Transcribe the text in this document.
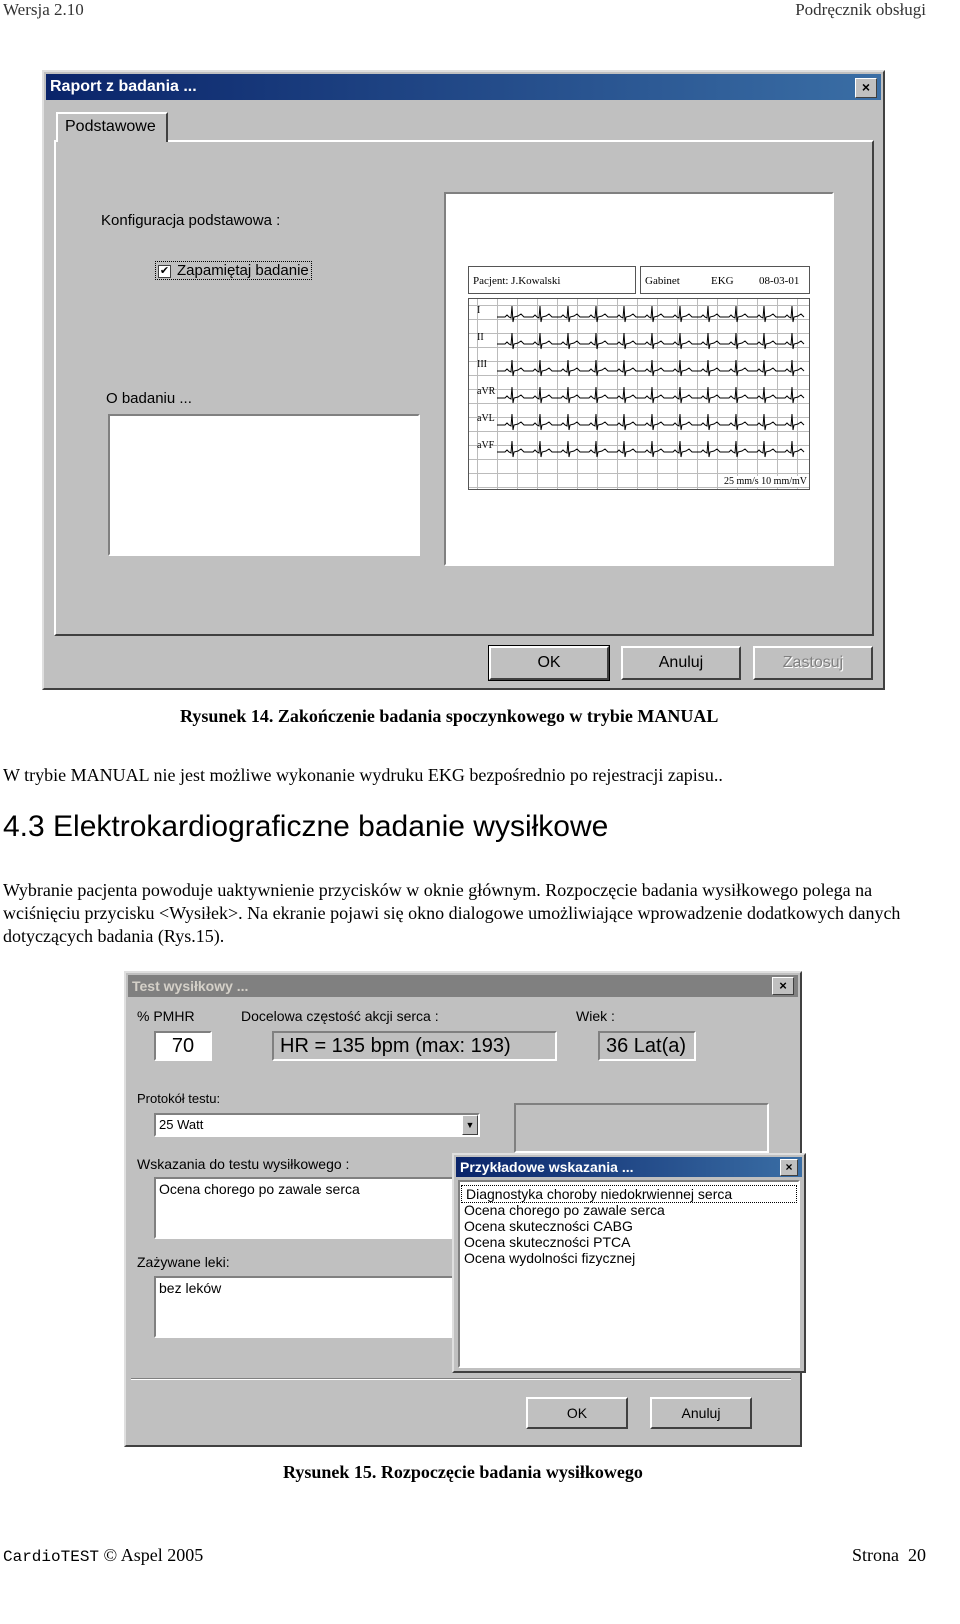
Wersja 2.10	Podręcznik obsługi
Raport z badania ...	×
Podstawowe
Konfiguracja podstawowa :
✔ Zapamiętaj badanie
O badaniu ...
Pacjent: J.Kowalski	Gabinet	EKG 08-03-01
I
II
III
aVR
aVL
aVF
25 mm/s 10 mm/mV
OK	Anuluj	Zastosuj
Rysunek 14. Zakończenie badania spoczynkowego w trybie MANUAL
W trybie MANUAL nie jest możliwe wykonanie wydruku EKG bezpośrednio po rejestracji zapisu..
4.3 Elektrokardiograficzne badanie wysiłkowe
Wybranie pacjenta powoduje uaktywnienie przycisków w oknie głównym. Rozpoczęcie badania wysiłkowego polega na wciśnięciu przycisku <Wysiłek>. Na ekranie pojawi się okno dialogowe umożliwiające wprowadzenie dodatkowych danych dotyczących badania (Rys.15).
Test wysiłkowy ...	×
% PMHR
70
Docelowa częstość akcji serca :
HR = 135 bpm (max: 193)
Wiek :
36 Lat(a)
Protokół testu:
25 Watt	▼
Wskazania do testu wysiłkowego :
Ocena chorego po zawale serca
Zażywane leki:
bez leków
OK	Anuluj
Przykładowe wskazania ...	×
Diagnostyka choroby niedokrwiennej serca
Ocena chorego po zawale serca
Ocena skuteczności CABG
Ocena skuteczności PTCA
Ocena wydolności fizycznej
Rysunek 15. Rozpoczęcie badania wysiłkowego
CardioTEST © Aspel 2005	Strona  20
